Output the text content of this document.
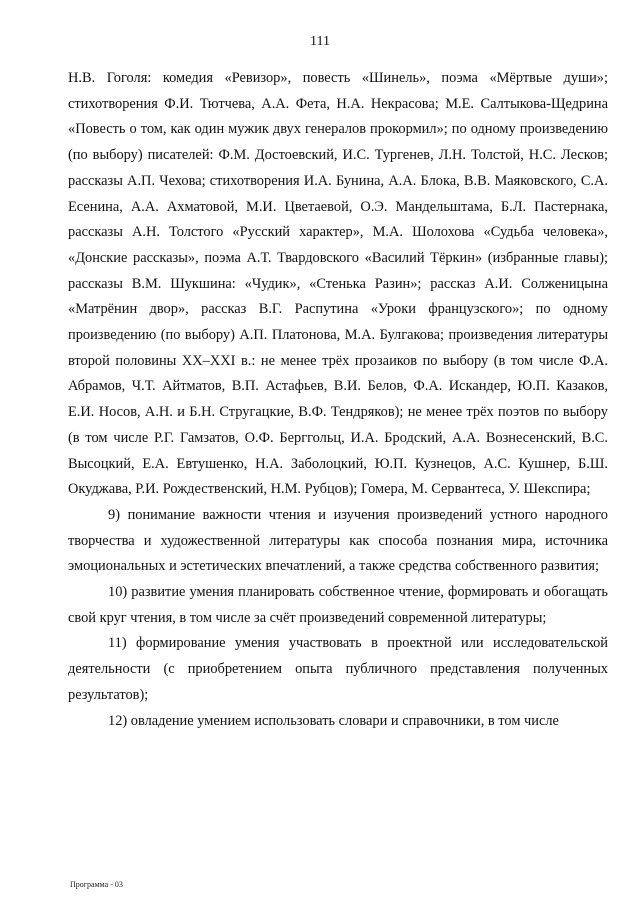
111

Н.В. Гоголя: комедия «Ревизор», повесть «Шинель», поэма «Мёртвые души»; стихотворения Ф.И. Тютчева, А.А. Фета, Н.А. Некрасова; М.Е. Салтыкова-Щедрина «Повесть о том, как один мужик двух генералов прокормил»; по одному произведению (по выбору) писателей: Ф.М. Достоевский, И.С. Тургенев, Л.Н. Толстой, Н.С. Лесков; рассказы А.П. Чехова; стихотворения И.А. Бунина, А.А. Блока, В.В. Маяковского, С.А. Есенина, А.А. Ахматовой, М.И. Цветаевой, О.Э. Мандельштама, Б.Л. Пастернака, рассказы А.Н. Толстого «Русский характер», М.А. Шолохова «Судьба человека», «Донские рассказы», поэма А.Т. Твардовского «Василий Тёркин» (избранные главы); рассказы В.М. Шукшина: «Чудик», «Стенька Разин»; рассказ А.И. Солженицына «Матрёнин двор», рассказ В.Г. Распутина «Уроки французского»; по одному произведению (по выбору) А.П. Платонова, М.А. Булгакова; произведения литературы второй половины XX–XXI в.: не менее трёх прозаиков по выбору (в том числе Ф.А. Абрамов, Ч.Т. Айтматов, В.П. Астафьев, В.И. Белов, Ф.А. Искандер, Ю.П. Казаков, Е.И. Носов, А.Н. и Б.Н. Стругацкие, В.Ф. Тендряков); не менее трёх поэтов по выбору (в том числе Р.Г. Гамзатов, О.Ф. Берггольц, И.А. Бродский, А.А. Вознесенский, В.С. Высоцкий, Е.А. Евтушенко, Н.А. Заболоцкий, Ю.П. Кузнецов, А.С. Кушнер, Б.Ш. Окуджава, Р.И. Рождественский, Н.М. Рубцов); Гомера, М. Сервантеса, У. Шекспира;

9) понимание важности чтения и изучения произведений устного народного творчества и художественной литературы как способа познания мира, источника эмоциональных и эстетических впечатлений, а также средства собственного развития;

10) развитие умения планировать собственное чтение, формировать и обогащать свой круг чтения, в том числе за счёт произведений современной литературы;

11) формирование умения участвовать в проектной или исследовательской деятельности (с приобретением опыта публичного представления полученных результатов);

12) овладение умением использовать словари и справочники, в том числе

Программа - 03
